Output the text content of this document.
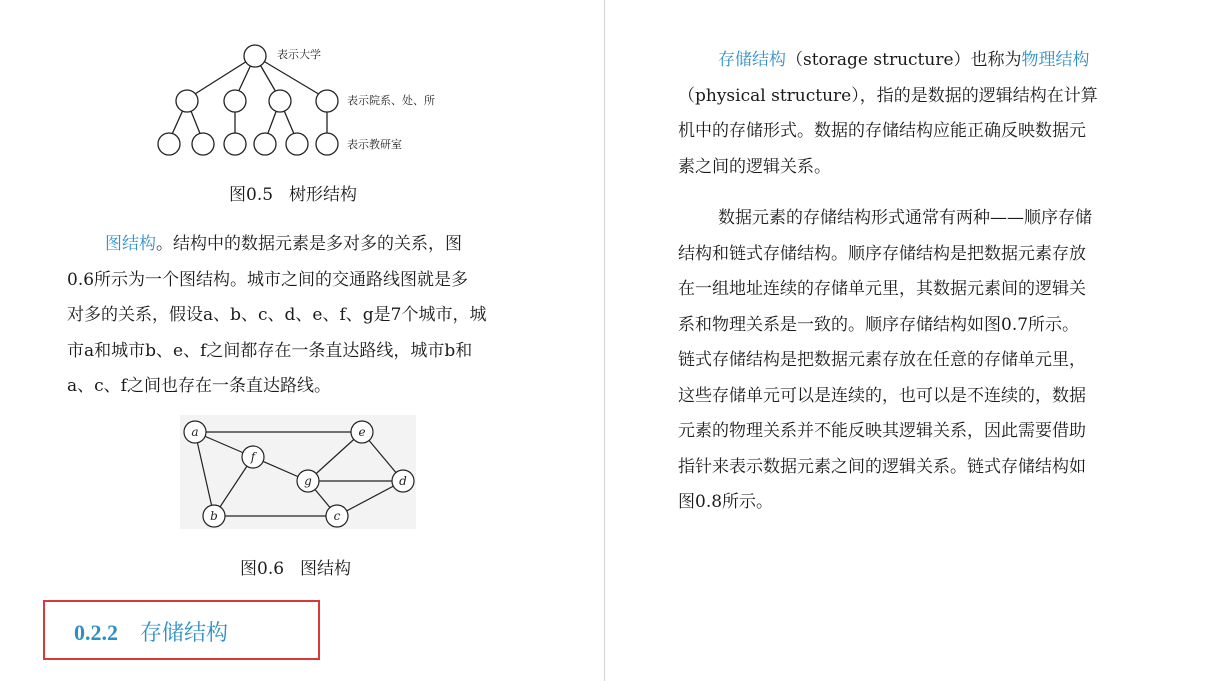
表示大学
表示院系、处、所
表示教研室
图0.5 树形结构

图结构。结构中的数据元素是多对多的关系，图
0.6所示为一个图结构。城市之间的交通路线图就是多
对多的关系，假设a、b、c、d、e、f、g是7个城市，城
市a和城市b、e、f之间都存在一条直达路线，城市b和
a、c、f之间也存在一条直达路线。

a	e
f
g	d
b	c
图0.6 图结构
0.2.2 存储结构

存储结构（storage structure）也称为物理结构
（physical structure），指的是数据的逻辑结构在计算
机中的存储形式。数据的存储结构应能正确反映数据元
素之间的逻辑关系。

数据元素的存储结构形式通常有两种——顺序存储
结构和链式存储结构。顺序存储结构是把数据元素存放
在一组地址连续的存储单元里，其数据元素间的逻辑关
系和物理关系是一致的。顺序存储结构如图0.7所示。
链式存储结构是把数据元素存放在任意的存储单元里，
这些存储单元可以是连续的，也可以是不连续的，数据
元素的物理关系并不能反映其逻辑关系，因此需要借助
指针来表示数据元素之间的逻辑关系。链式存储结构如
图0.8所示。
